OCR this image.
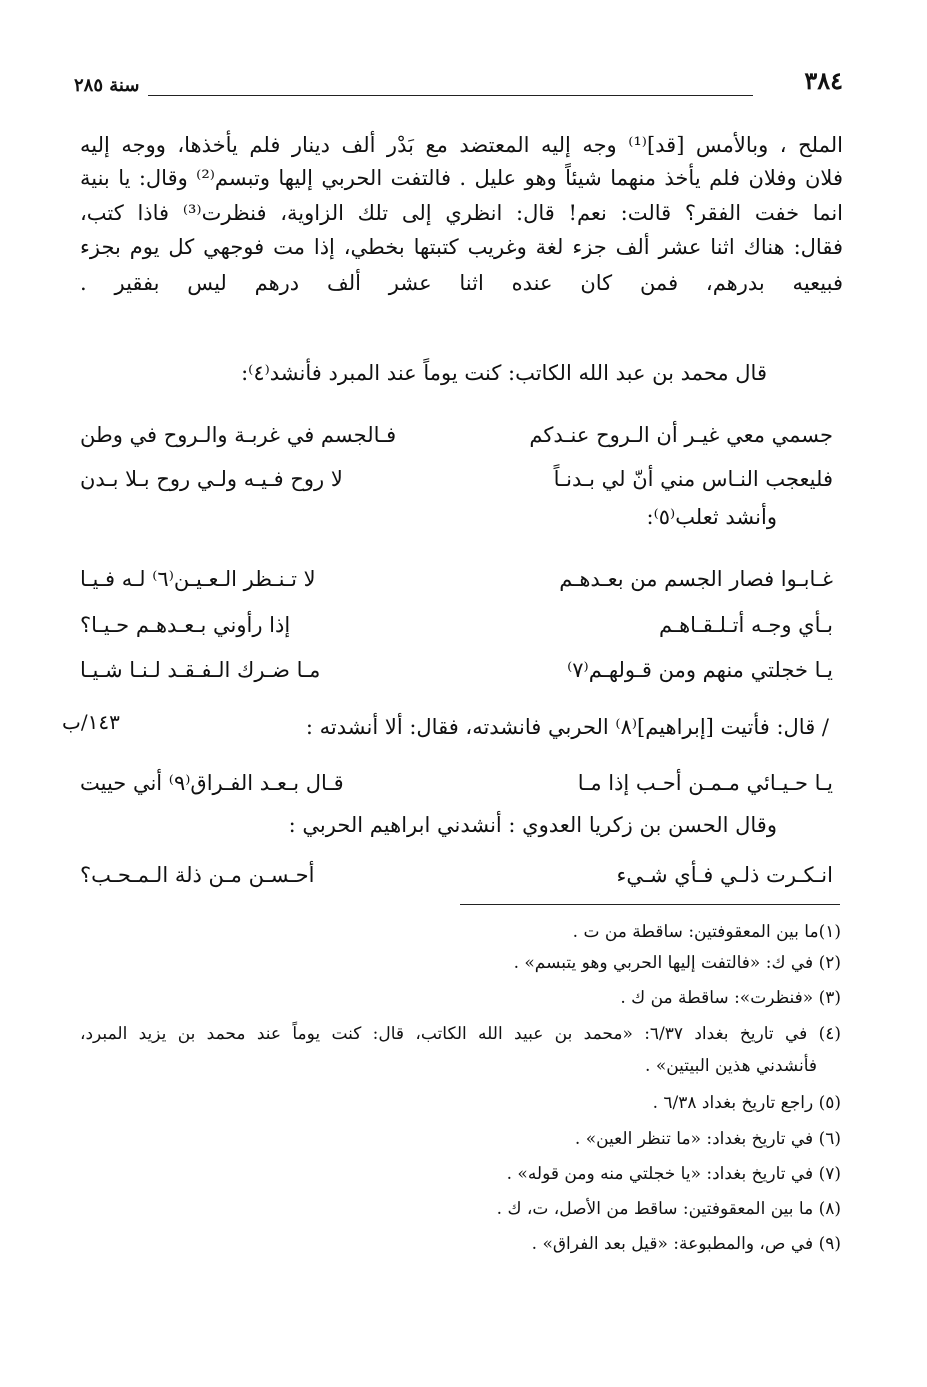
٣٨٤
سنة ٢٨٥
الملح ، وبالأمس [قد]⁽¹⁾ وجه إليه المعتضد مع بَدْر ألف دينار فلم يأخذها، ووجه إليه
فلان وفلان فلم يأخذ منهما شيئاً وهو عليل . فالتفت الحربي إليها وتبسم⁽²⁾ وقال: يا بنية
انما خفت الفقر؟ قالت: نعم! قال: انظري إلى تلك الزاوية، فنظرت⁽³⁾ فاذا كتب،
فقال: هناك اثنا عشر ألف جزء لغة وغريب كتبتها بخطي، إذا مت فوجهي كل يوم بجزء
فبيعيه بدرهم، فمن كان عنده اثنا عشر ألف درهم ليس بفقير .
قال محمد بن عبد الله الكاتب: كنت يوماً عند المبرد فأنشد⁽٤⁾:
جسمي معي غيـر أن الـروح عنـدكم
فـالجسم في غربـة والـروح في وطن
فليعجب النـاس مني أنّ لي بـدنـاً
لا روح فـيـه ولـي روح بـلا بـدن
وأنشد ثعلب⁽٥⁾:
غـابـوا فصار الجسم من بعـدهـم
لا تـنـظر الـعـيـن⁽٦⁾ لـه فـيـا
بـأي وجـه أتـلـقـاهـم
إذا رأوني بـعـدهـم حـيـا؟
يـا خجلتي منهم ومن قـولهـم⁽٧⁾
مـا ضـرك الـفـقـد لـنـا شـيـا
١٤٣/ب	/ قال: فأتيت [إبراهيم]⁽٨⁾ الحربي فانشدته، فقال: ألا أنشدته :
يـا حـيـائي مـمـن أحـب إذا مـا
قـال بـعـد الفـراق⁽٩⁾ أني حييت
وقال الحسن بن زكريا العدوي : أنشدني ابراهيم الحربي :
انـكـرت ذلـي فـأي شـيء
أحـسـن مـن ذلة الـمـحـب؟
(١)ما بين المعقوفتين: ساقطة من ت .
(٢) في ك: «فالتفت إليها الحربي وهو يتبسم» .
(٣) «فنظرت»: ساقطة من ك .
(٤) في تاريخ بغداد ٦/٣٧: «محمد بن عبيد الله الكاتب، قال: كنت يوماً عند محمد بن يزيد المبرد،
فأنشدني هذين البيتين» .
(٥) راجع تاريخ بغداد ٦/٣٨ .
(٦) في تاريخ بغداد: «ما تنظر العين» .
(٧) في تاريخ بغداد: «يا خجلتي منه ومن قوله» .
(٨) ما بين المعقوفتين: ساقط من الأصل، ت، ك .
(٩) في ص، والمطبوعة: «قيل بعد الفراق» .
